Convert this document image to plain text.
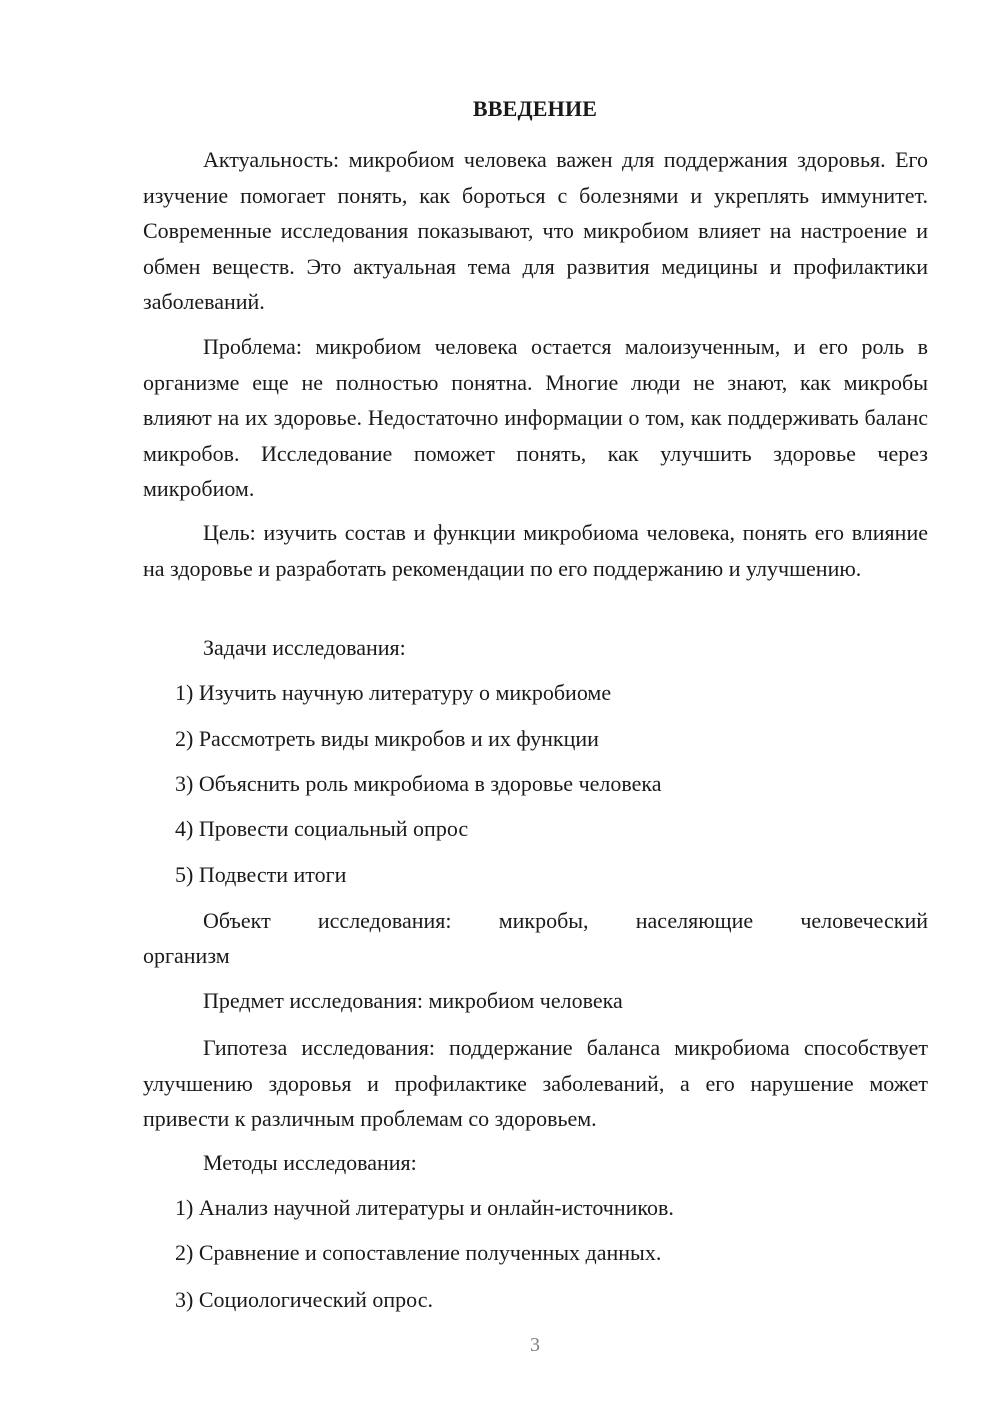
ВВЕДЕНИЕ

Актуальность: микробиом человека важен для поддержания здоровья. Его изучение помогает понять, как бороться с болезнями и укреплять иммунитет. Современные исследования показывают, что микробиом влияет на настроение и обмен веществ. Это актуальная тема для развития медицины и профилактики заболеваний.

Проблема: микробиом человека остается малоизученным, и его роль в организме еще не полностью понятна. Многие люди не знают, как микробы влияют на их здоровье. Недостаточно информации о том, как поддерживать баланс микробов. Исследование поможет понять, как улучшить здоровье через микробиом.

Цель: изучить состав и функции микробиома человека, понять его влияние на здоровье и разработать рекомендации по его поддержанию и улучшению.

Задачи исследования:

1) Изучить научную литературу о микробиоме

2) Рассмотреть виды микробов и их функции

3) Объяснить роль микробиома в здоровье человека

4) Провести социальный опрос

5) Подвести итоги

Объект исследования: микробы, населяющие человеческий

организм

Предмет исследования: микробиом человека

Гипотеза исследования: поддержание баланса микробиома способствует улучшению здоровья и профилактике заболеваний, а его нарушение может привести к различным проблемам со здоровьем.

Методы исследования:

1) Анализ научной литературы и онлайн-источников.

2) Сравнение и сопоставление полученных данных.

3) Социологический опрос.

3
